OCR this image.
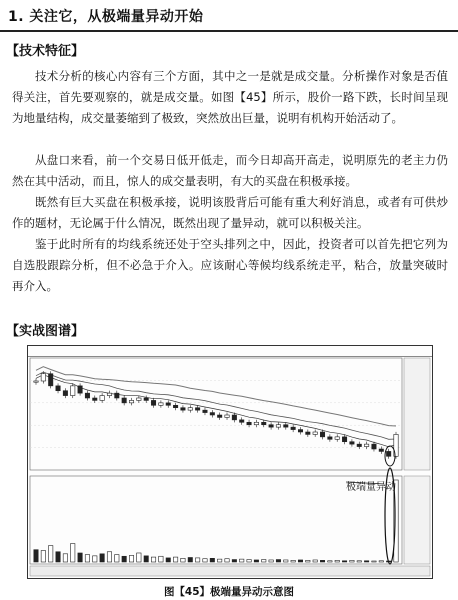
1. 关注它，从极端量异动开始
【 技术特征 】
技术分析的核心内容有三个方面，其中之一是就是成交量。分析操作对象是否值得关注，首先要观察的，就是成交量。如图【45】所示，股价一路下跌，长时间呈现为地量结构，成交量萎缩到了极致，突然放出巨量，说明有机构开始活动了。
从盘口来看，前一个交易日低开低走，而今日却高开高走，说明原先的老主力仍然在其中活动，而且，惊人的成交量表明，有大的买盘在积极承接。
既然有巨大买盘在积极承接，说明该股背后可能有重大利好消息，或者有可供炒作的题材，无论属于什么情况，既然出现了量异动，就可以积极关注。
鉴于此时所有的均线系统还处于空头排列之中，因此，投资者可以首先把它列为自选股跟踪分析，但不必急于介入。应该耐心等候均线系统走平，粘合，放量突破时再介入。
【 实战图谱 】
极端量异动
图【45】极端量异动示意图
